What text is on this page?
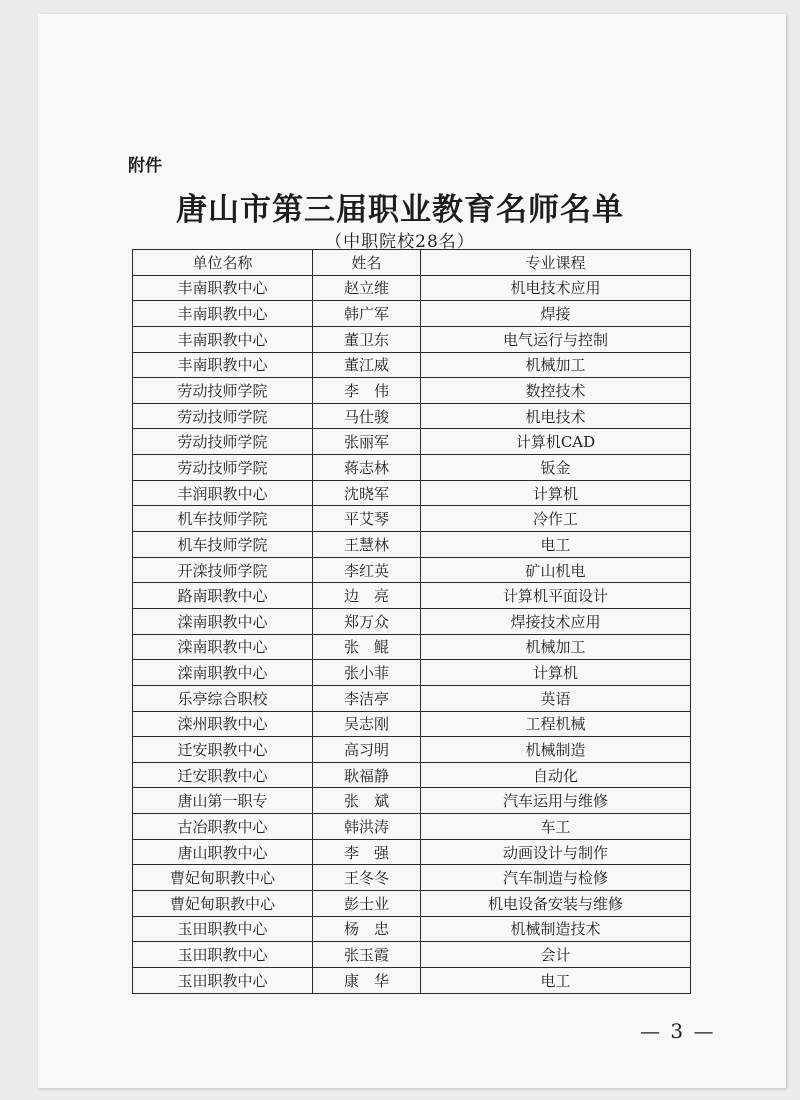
附件
唐山市第三届职业教育名师名单
（中职院校28名）
单位名称	姓名	专业课程
丰南职教中心	赵立维	机电技术应用
丰南职教中心	韩广军	焊接
丰南职教中心	董卫东	电气运行与控制
丰南职教中心	董江威	机械加工
劳动技师学院	李　伟	数控技术
劳动技师学院	马仕骏	机电技术
劳动技师学院	张丽军	计算机CAD
劳动技师学院	蒋志林	钣金
丰润职教中心	沈晓军	计算机
机车技师学院	平艾琴	冷作工
机车技师学院	王慧林	电工
开滦技师学院	李红英	矿山机电
路南职教中心	边　亮	计算机平面设计
滦南职教中心	郑万众	焊接技术应用
滦南职教中心	张　鲲	机械加工
滦南职教中心	张小菲	计算机
乐亭综合职校	李洁亭	英语
滦州职教中心	吴志刚	工程机械
迁安职教中心	高习明	机械制造
迁安职教中心	耿福静	自动化
唐山第一职专	张　斌	汽车运用与维修
古冶职教中心	韩洪涛	车工
唐山职教中心	李　强	动画设计与制作
曹妃甸职教中心	王冬冬	汽车制造与检修
曹妃甸职教中心	彭士业	机电设备安装与维修
玉田职教中心	杨　忠	机械制造技术
玉田职教中心	张玉霞	会计
玉田职教中心	康　华	电工
— 3 —
